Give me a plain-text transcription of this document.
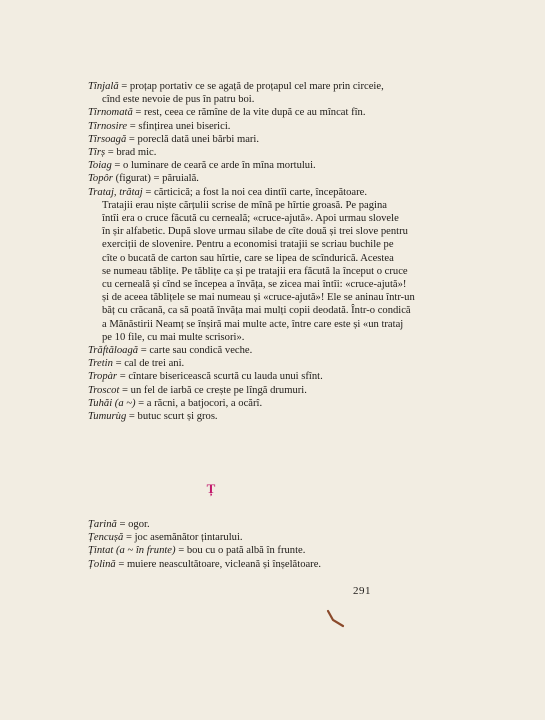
Tînjală = proțap portativ ce se agață de proțapul cel mare prin circeie,
cînd este nevoie de pus în patru boi.

Tîrnomată = rest, ceea ce rămîne de la vite după ce au mîncat fîn.

Tîrnosire = sfințirea unei biserici.

Tîrsoagă = poreclă dată unei bărbi mari.

Tîrș = brad mic.

Toiag = o luminare de ceară ce arde în mîna mortului.

Topôr (figurat) = păruială.

Trataj, trătaj = cărticică; a fost la noi cea dintîi carte, începătoare.

Tratajii erau niște cărțulii scrise de mînă pe hîrtie groasă. Pe pagina
întîi era o cruce făcută cu cerneală; «cruce-ajută». Apoi urmau slovele
în șir alfabetic. După slove urmau silabe de cîte două și trei slove pentru
exerciții de slovenire. Pentru a economisi tratajii se scriau buchile pe
cîte o bucată de carton sau hîrtie, care se lipea de scîndurică. Acestea
se numeau tăblițe. Pe tăblițe ca și pe tratajii era făcută la început o cruce
cu cerneală și cînd se începea a învăța, se zicea mai întîi: «cruce-ajută»!
și de aceea tăblițele se mai numeau și «cruce-ajută»! Ele se aninau într-un
băț cu crăcană, ca să poată învăța mai mulți copii deodată. Într-o condică
a Mănăstirii Neamț se înșiră mai multe acte, între care este și «un trataj
pe 10 file, cu mai multe scrisori».

Trăftăloagă = carte sau condică veche.

Tretin = cal de trei ani.

Tropàr = cîntare bisericească scurtă cu lauda unui sfînt.

Troscot = un fel de iarbă ce crește pe lîngă drumuri.

Tuhăi (a ~) = a răcni, a batjocori, a ocărî.

Tumurùg = butuc scurt și gros.

Ț

Țarină = ogor.

Țencușă = joc asemănător țintarului.

Țintat (a ~ în frunte) = bou cu o pată albă în frunte.

Țolină = muiere neascultătoare, vicleană și înșelătoare.

291
